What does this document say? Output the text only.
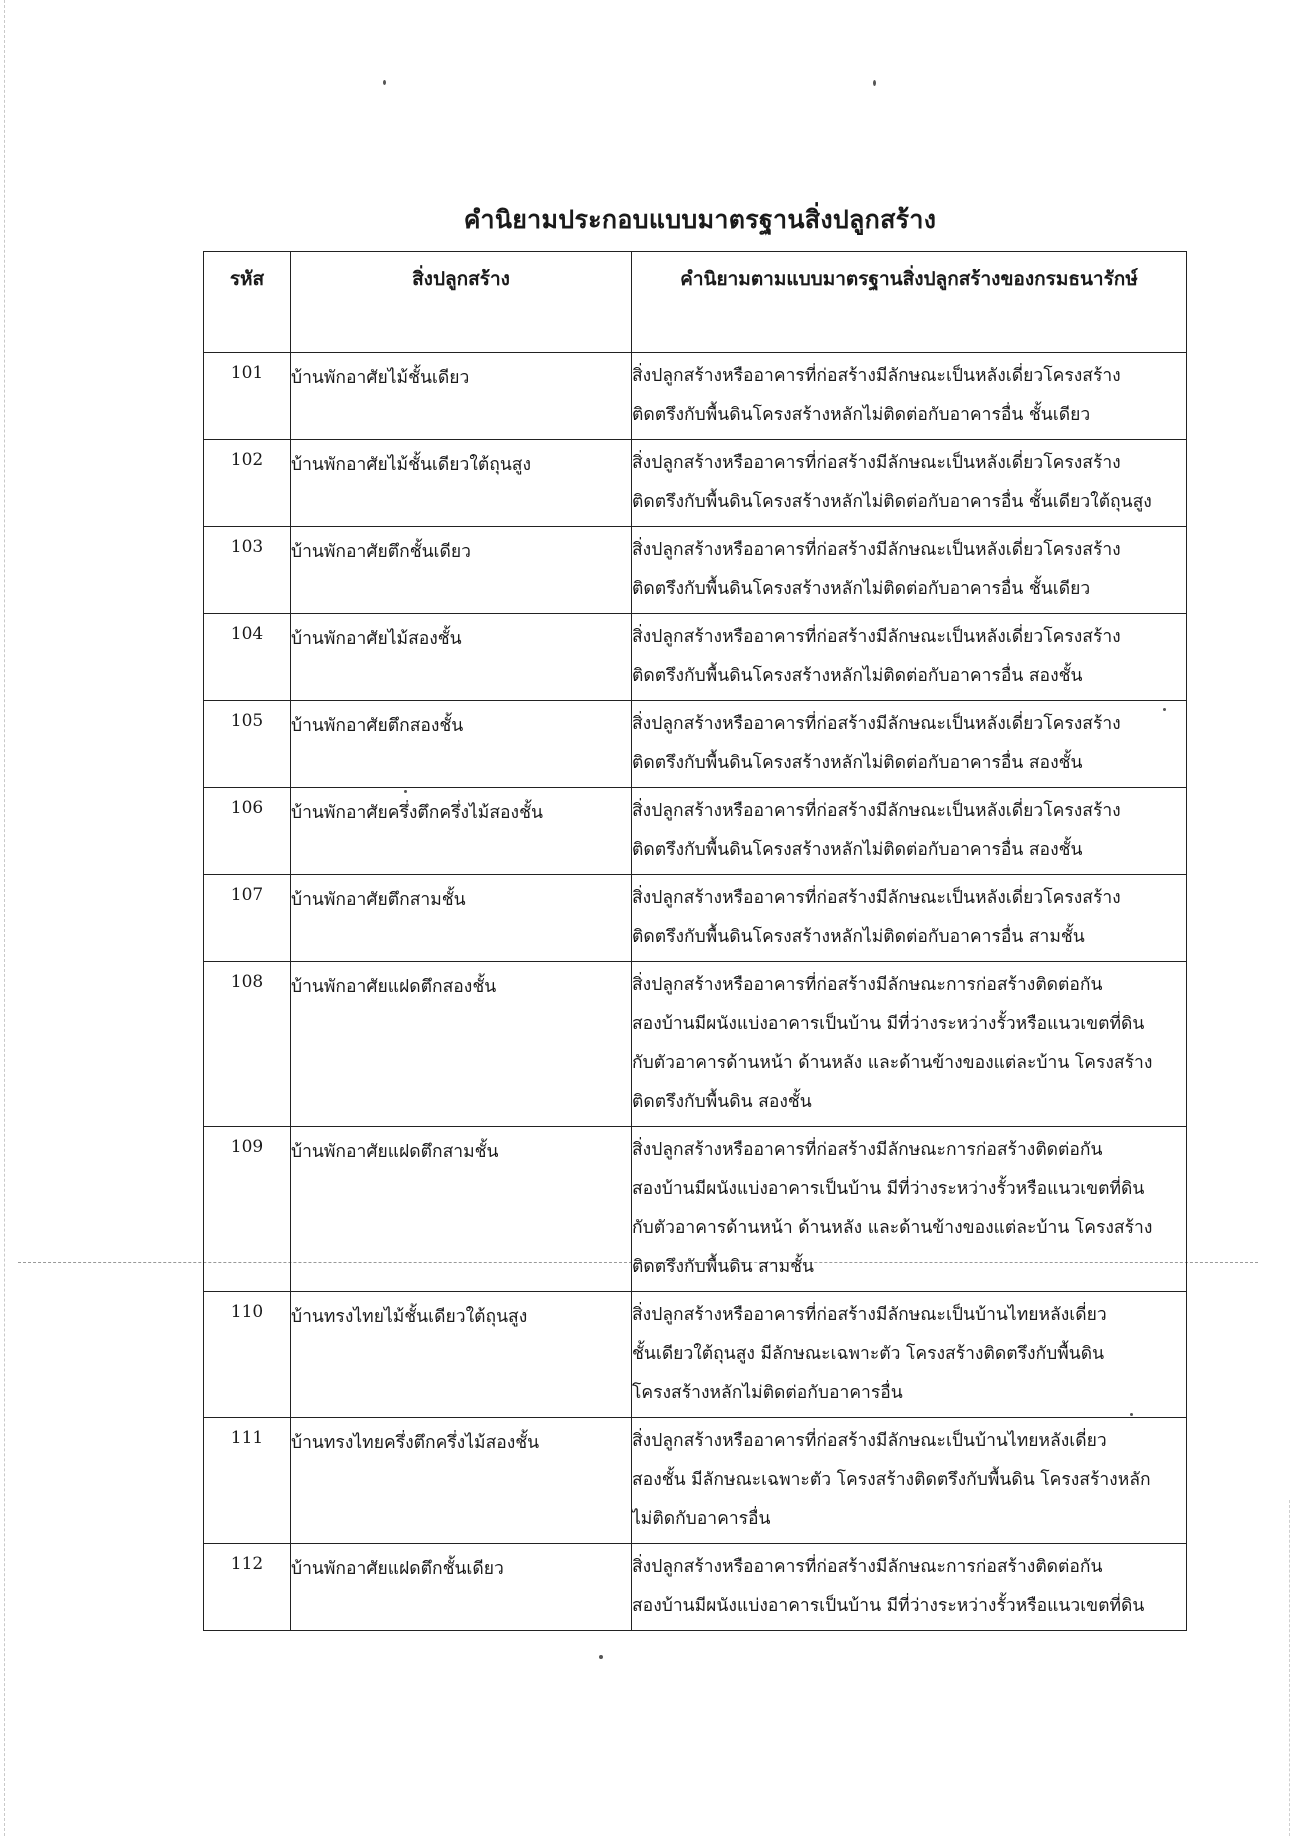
คำนิยามประกอบแบบมาตรฐานสิ่งปลูกสร้าง
รหัส	สิ่งปลูกสร้าง	คำนิยามตามแบบมาตรฐานสิ่งปลูกสร้างของกรมธนารักษ์
101	บ้านพักอาศัยไม้ชั้นเดียว	สิ่งปลูกสร้างหรืออาคารที่ก่อสร้างมีลักษณะเป็นหลังเดี่ยวโครงสร้าง
ติดตรึงกับพื้นดินโครงสร้างหลักไม่ติดต่อกับอาคารอื่น ชั้นเดียว

102	บ้านพักอาศัยไม้ชั้นเดียวใต้ถุนสูง	สิ่งปลูกสร้างหรืออาคารที่ก่อสร้างมีลักษณะเป็นหลังเดี่ยวโครงสร้าง
ติดตรึงกับพื้นดินโครงสร้างหลักไม่ติดต่อกับอาคารอื่น ชั้นเดียวใต้ถุนสูง

103	บ้านพักอาศัยตึกชั้นเดียว	สิ่งปลูกสร้างหรืออาคารที่ก่อสร้างมีลักษณะเป็นหลังเดี่ยวโครงสร้าง
ติดตรึงกับพื้นดินโครงสร้างหลักไม่ติดต่อกับอาคารอื่น ชั้นเดียว

104	บ้านพักอาศัยไม้สองชั้น	สิ่งปลูกสร้างหรืออาคารที่ก่อสร้างมีลักษณะเป็นหลังเดี่ยวโครงสร้าง
ติดตรึงกับพื้นดินโครงสร้างหลักไม่ติดต่อกับอาคารอื่น สองชั้น

105	บ้านพักอาศัยตึกสองชั้น	สิ่งปลูกสร้างหรืออาคารที่ก่อสร้างมีลักษณะเป็นหลังเดี่ยวโครงสร้าง
ติดตรึงกับพื้นดินโครงสร้างหลักไม่ติดต่อกับอาคารอื่น สองชั้น

106	บ้านพักอาศัยครึ่งตึกครึ่งไม้สองชั้น	สิ่งปลูกสร้างหรืออาคารที่ก่อสร้างมีลักษณะเป็นหลังเดี่ยวโครงสร้าง
ติดตรึงกับพื้นดินโครงสร้างหลักไม่ติดต่อกับอาคารอื่น สองชั้น

107	บ้านพักอาศัยตึกสามชั้น	สิ่งปลูกสร้างหรืออาคารที่ก่อสร้างมีลักษณะเป็นหลังเดี่ยวโครงสร้าง
ติดตรึงกับพื้นดินโครงสร้างหลักไม่ติดต่อกับอาคารอื่น สามชั้น

108	บ้านพักอาศัยแฝดตึกสองชั้น	สิ่งปลูกสร้างหรืออาคารที่ก่อสร้างมีลักษณะการก่อสร้างติดต่อกัน
สองบ้านมีผนังแบ่งอาคารเป็นบ้าน มีที่ว่างระหว่างรั้วหรือแนวเขตที่ดิน
กับตัวอาคารด้านหน้า ด้านหลัง และด้านข้างของแต่ละบ้าน โครงสร้าง
ติดตรึงกับพื้นดิน สองชั้น

109	บ้านพักอาศัยแฝดตึกสามชั้น	สิ่งปลูกสร้างหรืออาคารที่ก่อสร้างมีลักษณะการก่อสร้างติดต่อกัน
สองบ้านมีผนังแบ่งอาคารเป็นบ้าน มีที่ว่างระหว่างรั้วหรือแนวเขตที่ดิน
กับตัวอาคารด้านหน้า ด้านหลัง และด้านข้างของแต่ละบ้าน โครงสร้าง
ติดตรึงกับพื้นดิน สามชั้น

110	บ้านทรงไทยไม้ชั้นเดียวใต้ถุนสูง	สิ่งปลูกสร้างหรืออาคารที่ก่อสร้างมีลักษณะเป็นบ้านไทยหลังเดี่ยว
ชั้นเดียวใต้ถุนสูง มีลักษณะเฉพาะตัว โครงสร้างติดตรึงกับพื้นดิน
โครงสร้างหลักไม่ติดต่อกับอาคารอื่น

111	บ้านทรงไทยครึ่งตึกครึ่งไม้สองชั้น	สิ่งปลูกสร้างหรืออาคารที่ก่อสร้างมีลักษณะเป็นบ้านไทยหลังเดี่ยว
สองชั้น มีลักษณะเฉพาะตัว โครงสร้างติดตรึงกับพื้นดิน โครงสร้างหลัก
ไม่ติดกับอาคารอื่น

112	บ้านพักอาศัยแฝดตึกชั้นเดียว	สิ่งปลูกสร้างหรืออาคารที่ก่อสร้างมีลักษณะการก่อสร้างติดต่อกัน
สองบ้านมีผนังแบ่งอาคารเป็นบ้าน มีที่ว่างระหว่างรั้วหรือแนวเขตที่ดิน
